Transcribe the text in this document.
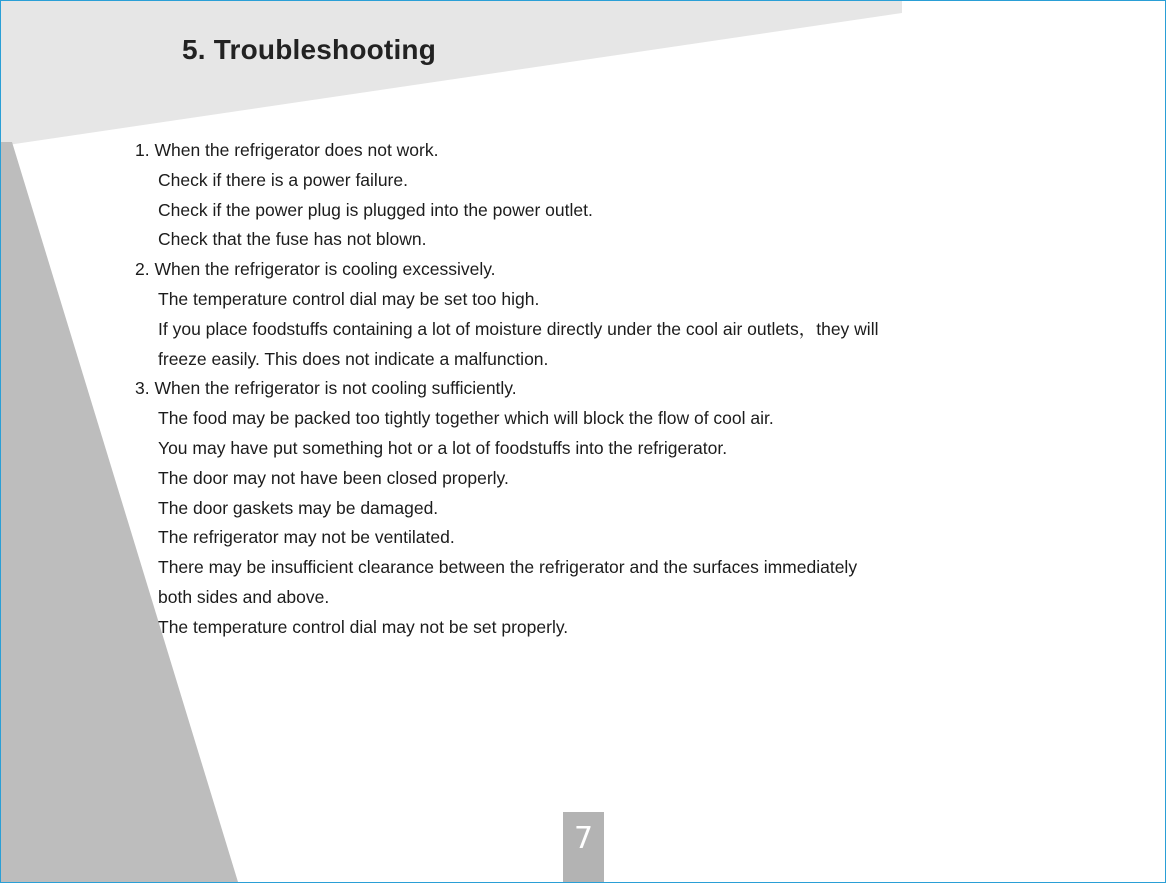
5. Troubleshooting
1. When the refrigerator does not work.
Check if there is a power failure.
Check if the power plug is plugged into the power outlet.
Check that the fuse has not blown.
2. When the refrigerator is cooling excessively.
The temperature control dial may be set too high.
If you place foodstuffs containing a lot of moisture directly under the cool air outlets，they will
freeze easily. This does not indicate a malfunction.
3. When the refrigerator is not cooling sufficiently.
The food may be packed too tightly together which will block the flow of cool air.
You may have put something hot or a lot of foodstuffs into the refrigerator.
The door may not have been closed properly.
The door gaskets may be damaged.
The refrigerator may not be ventilated.
There may be insufficient clearance between the refrigerator and the surfaces immediately
both sides and above.
The temperature control dial may not be set properly.
7
